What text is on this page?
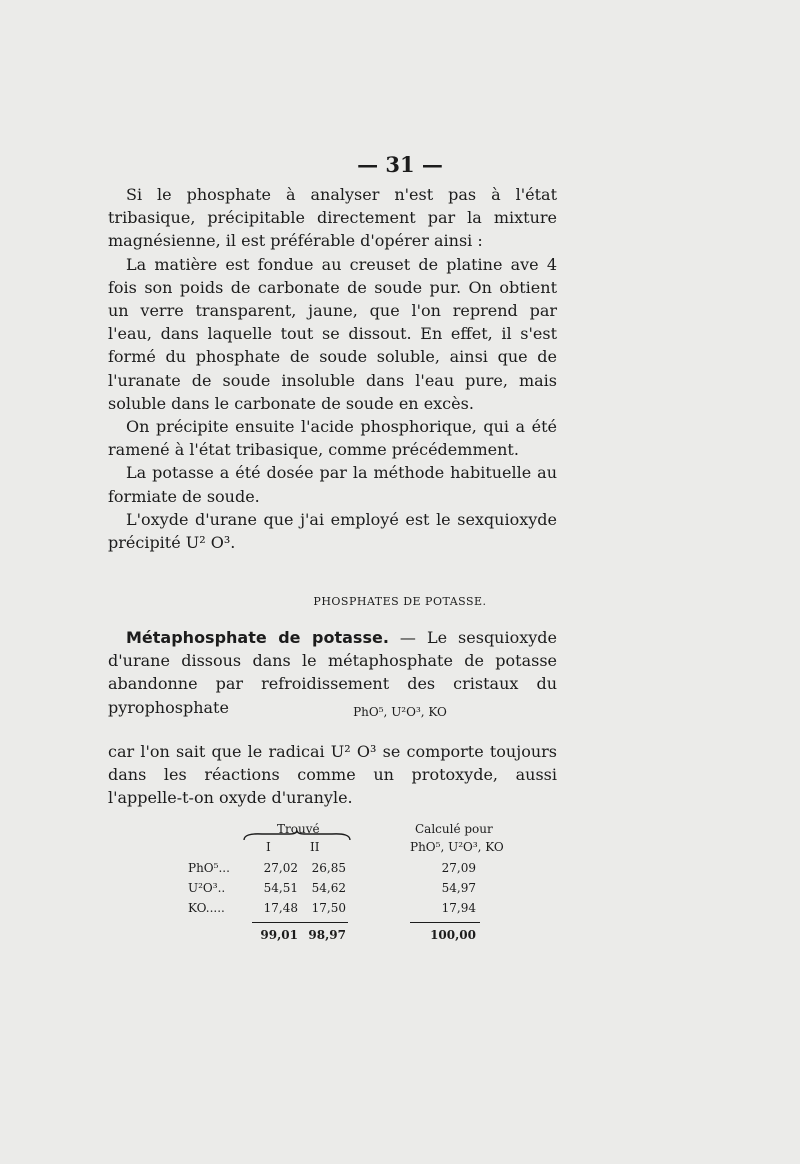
— 31 —

Si le phosphate à analyser n'est pas à l'état tribasique, précipitable directement par la mixture magnésienne, il est préférable d'opérer ainsi :

La matière est fondue au creuset de platine ave 4 fois son poids de carbonate de soude pur. On obtient un verre transparent, jaune, que l'on reprend par l'eau, dans laquelle tout se dissout. En effet, il s'est formé du phosphate de soude soluble, ainsi que de l'uranate de soude insoluble dans l'eau pure, mais soluble dans le carbonate de soude en excès.

On précipite ensuite l'acide phosphorique, qui a été ramené à l'état tribasique, comme précédemment.

La potasse a été dosée par la méthode habituelle au formiate de soude.

L'oxyde d'urane que j'ai employé est le sexquioxyde précipité U² O³.

PHOSPHATES DE POTASSE.

Métaphosphate de potasse. — Le sesquioxyde d'urane dissous dans le métaphosphate de potasse abandonne par refroidissement des cristaux du pyrophosphate	PhO⁵, U²O³, KO

car l'on sait que le radicai U² O³ se comporte toujours dans les réactions comme un protoxyde, aussi l'appelle-t-on oxyde d'uranyle.

Trouvé
I	II
Calculé pour
PhO⁵, U²O³, KO
PhO⁵...	27,02	26,85	27,09
U²O³..	54,51	54,62	54,97
KO.....	17,48	17,50	17,94
99,01 98,97	100,00
